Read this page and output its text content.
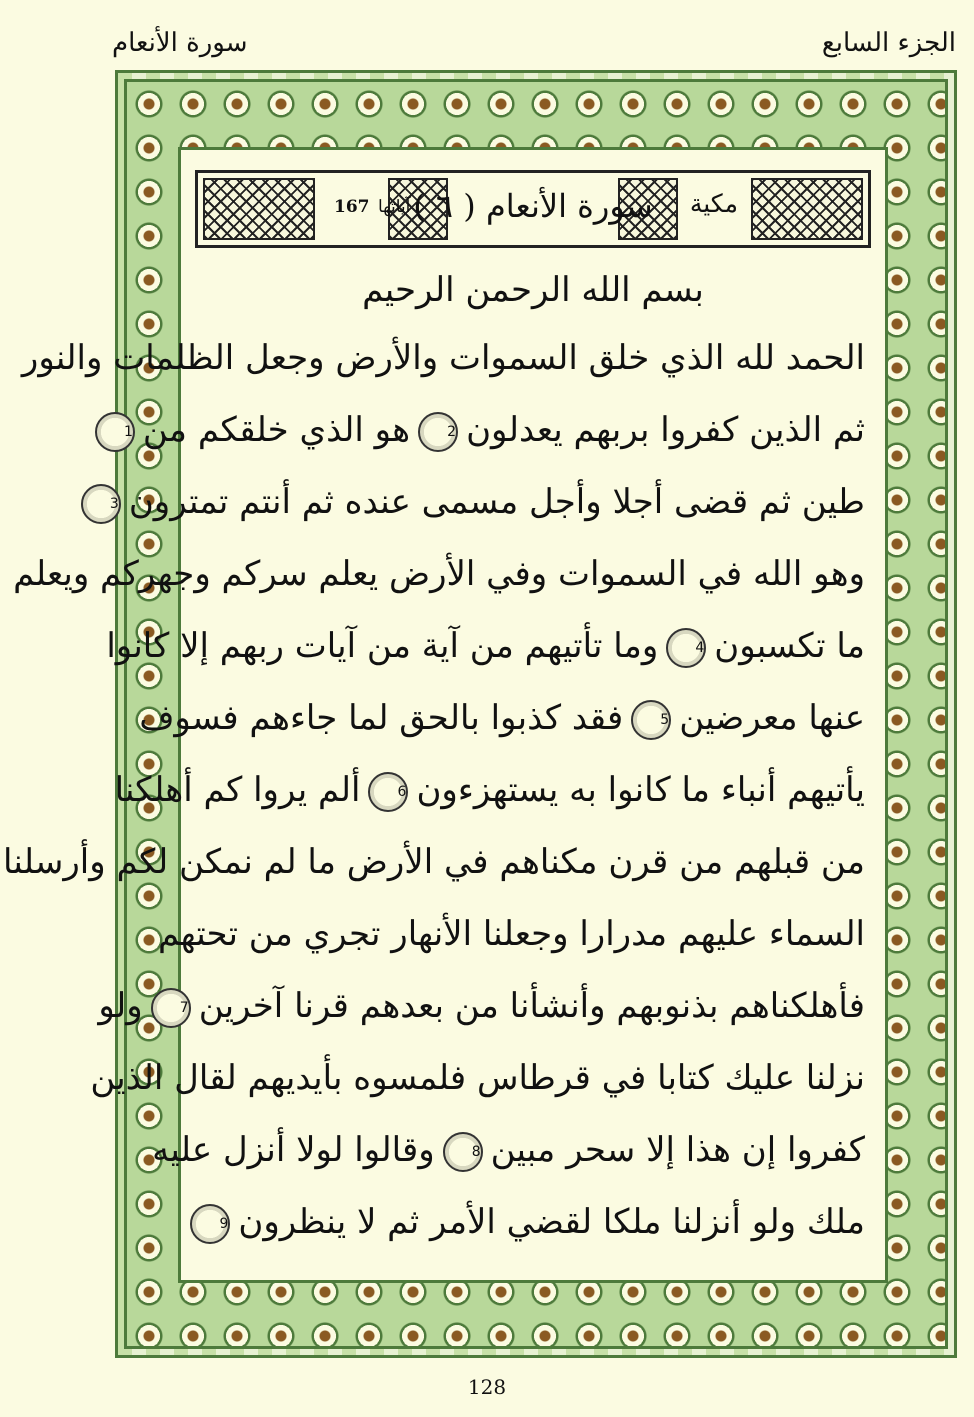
الجزء السابع
سورة الأنعام
مكية
( ٦ ) سورة الأنعام
آياتها
167
بسم الله الرحمن الرحيم
الحمد لله الذي خلق السموات والأرض وجعل الظلمات والنور
ثم الذين كفروا بربهم يعدلون2هو الذي خلقكم من1
طين ثم قضى أجلا وأجل مسمى عنده ثم أنتم تمترون3
وهو الله في السموات وفي الأرض يعلم سركم وجهركم ويعلم
ما تكسبون4وما تأتيهم من آية من آيات ربهم إلا كانوا
عنها معرضين5فقد كذبوا بالحق لما جاءهم فسوف
يأتيهم أنباء ما كانوا به يستهزءون6ألم يروا كم أهلكنا
من قبلهم من قرن مكناهم في الأرض ما لم نمكن لكم وأرسلنا
السماء عليهم مدرارا وجعلنا الأنهار تجري من تحتهم
فأهلكناهم بذنوبهم وأنشأنا من بعدهم قرنا آخرين7ولو
نزلنا عليك كتابا في قرطاس فلمسوه بأيديهم لقال الذين
كفروا إن هذا إلا سحر مبين8وقالوا لولا أنزل عليه
ملك ولو أنزلنا ملكا لقضي الأمر ثم لا ينظرون9
128
